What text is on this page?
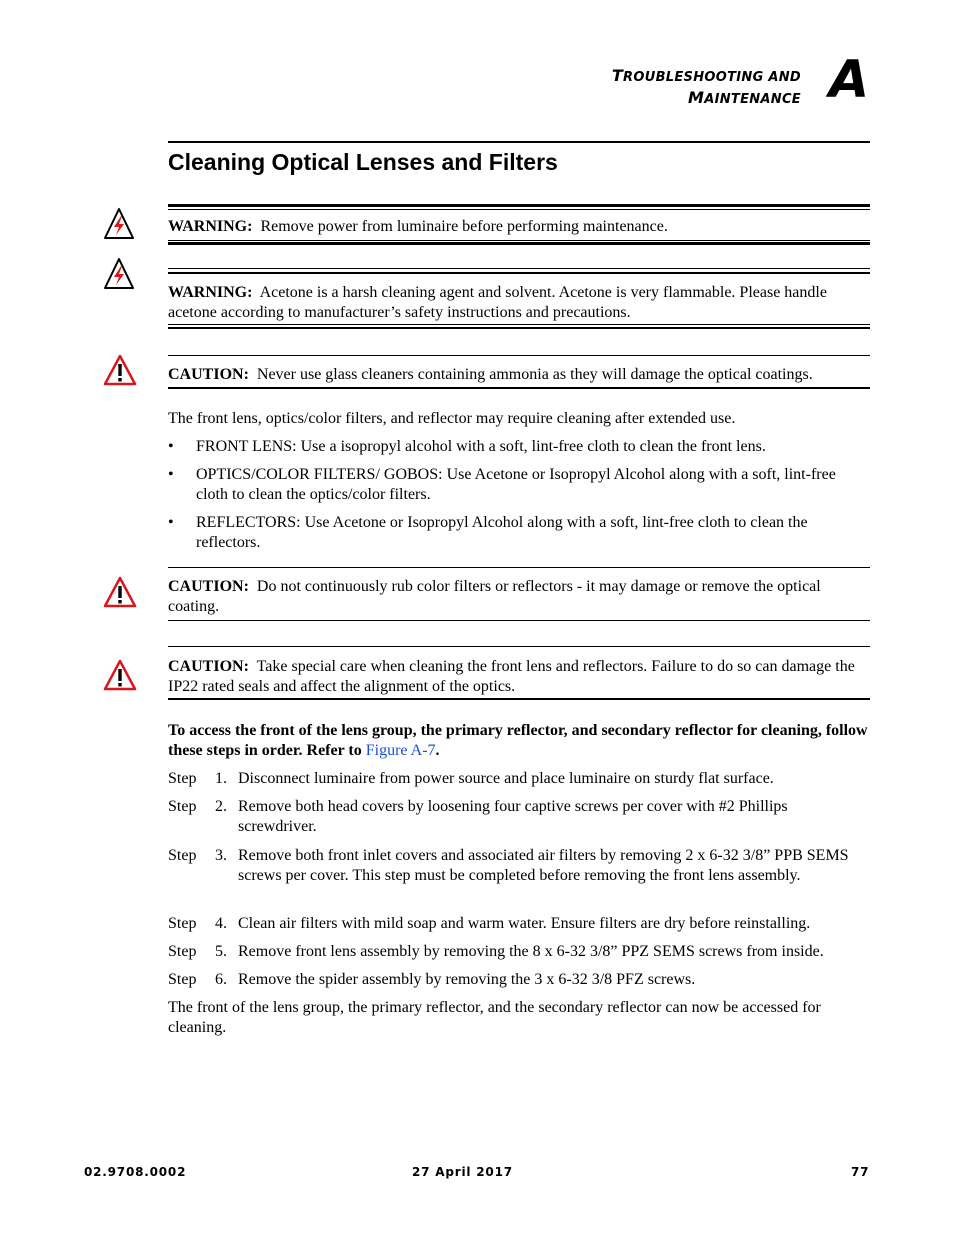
TROUBLESHOOTING AND MAINTENANCE A
Cleaning Optical Lenses and Filters
WARNING: Remove power from luminaire before performing maintenance.
WARNING: Acetone is a harsh cleaning agent and solvent. Acetone is very flammable. Please handle acetone according to manufacturer’s safety instructions and precautions.
CAUTION: Never use glass cleaners containing ammonia as they will damage the optical coatings.
The front lens, optics/color filters, and reflector may require cleaning after extended use.
• FRONT LENS: Use a isopropyl alcohol with a soft, lint-free cloth to clean the front lens.
• OPTICS/COLOR FILTERS/ GOBOS: Use Acetone or Isopropyl Alcohol along with a soft, lint-free cloth to clean the optics/color filters.
• REFLECTORS: Use Acetone or Isopropyl Alcohol along with a soft, lint-free cloth to clean the reflectors.
CAUTION: Do not continuously rub color filters or reflectors - it may damage or remove the optical coating.
CAUTION: Take special care when cleaning the front lens and reflectors. Failure to do so can damage the IP22 rated seals and affect the alignment of the optics.
To access the front of the lens group, the primary reflector, and secondary reflector for cleaning, follow these steps in order. Refer to Figure A-7.
Step 1. Disconnect luminaire from power source and place luminaire on sturdy flat surface.
Step 2. Remove both head covers by loosening four captive screws per cover with #2 Phillips screwdriver.
Step 3. Remove both front inlet covers and associated air filters by removing 2 x 6-32 3/8” PPB SEMS screws per cover. This step must be completed before removing the front lens assembly.
Step 4. Clean air filters with mild soap and warm water. Ensure filters are dry before reinstalling.
Step 5. Remove front lens assembly by removing the 8 x 6-32 3/8” PPZ SEMS screws from inside.
Step 6. Remove the spider assembly by removing the 3 x 6-32 3/8 PFZ screws.
The front of the lens group, the primary reflector, and the secondary reflector can now be accessed for cleaning.
02.9708.0002	27 April 2017	77
